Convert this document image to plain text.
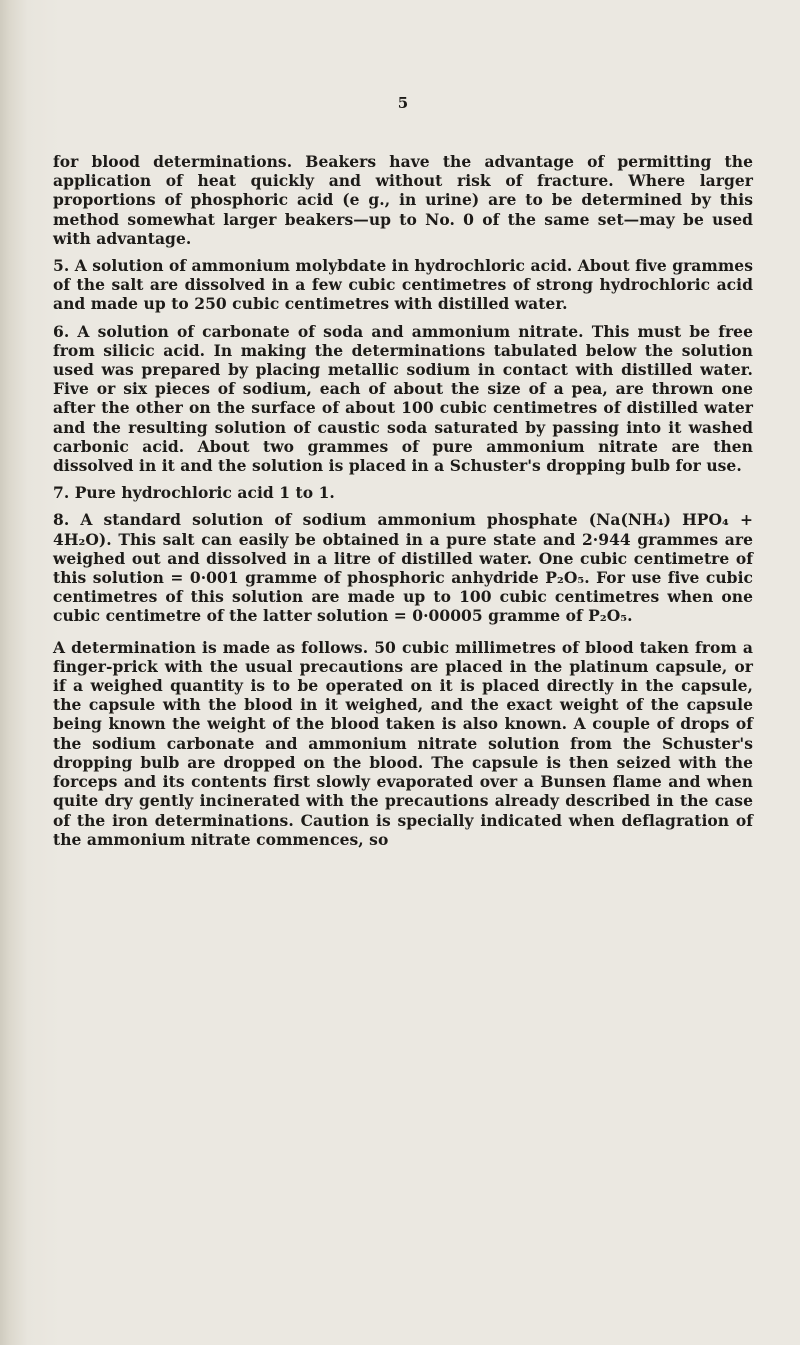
5

for blood determinations. Beakers have the advantage of permitting the application of heat quickly and without risk of fracture. Where larger proportions of phosphoric acid (e g., in urine) are to be determined by this method somewhat larger beakers—up to No. 0 of the same set—may be used with advantage.

5. A solution of ammonium molybdate in hydrochloric acid. About five grammes of the salt are dissolved in a few cubic centimetres of strong hydrochloric acid and made up to 250 cubic centimetres with distilled water.

6. A solution of carbonate of soda and ammonium nitrate. This must be free from silicic acid. In making the determinations tabulated below the solution used was prepared by placing metallic sodium in contact with distilled water. Five or six pieces of sodium, each of about the size of a pea, are thrown one after the other on the surface of about 100 cubic centimetres of distilled water and the resulting solution of caustic soda saturated by passing into it washed carbonic acid. About two grammes of pure ammonium nitrate are then dissolved in it and the solution is placed in a Schuster's dropping bulb for use.

7. Pure hydrochloric acid 1 to 1.

8. A standard solution of sodium ammonium phosphate (Na(NH₄) HPO₄ + 4H₂O). This salt can easily be obtained in a pure state and 2·944 grammes are weighed out and dissolved in a litre of distilled water. One cubic centimetre of this solution = 0·001 gramme of phosphoric anhydride P₂O₅. For use five cubic centimetres of this solution are made up to 100 cubic centimetres when one cubic centimetre of the latter solution = 0·00005 gramme of P₂O₅.

A determination is made as follows. 50 cubic millimetres of blood taken from a finger-prick with the usual precautions are placed in the platinum capsule, or if a weighed quantity is to be operated on it is placed directly in the capsule, the capsule with the blood in it weighed, and the exact weight of the capsule being known the weight of the blood taken is also known. A couple of drops of the sodium carbonate and ammonium nitrate solution from the Schuster's dropping bulb are dropped on the blood. The capsule is then seized with the forceps and its contents first slowly evaporated over a Bunsen flame and when quite dry gently incinerated with the precautions already described in the case of the iron determinations. Caution is specially indicated when deflagration of the ammonium nitrate commences, so
